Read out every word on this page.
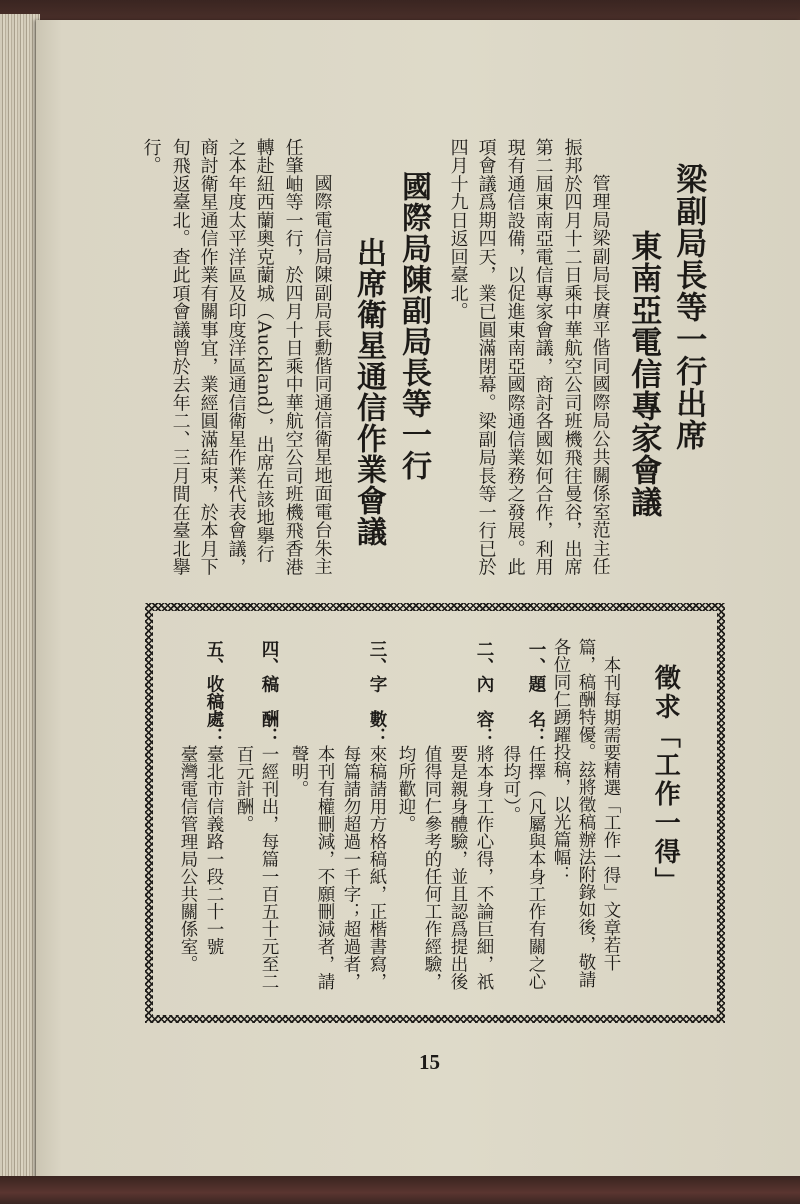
梁副局長等一行出席
東南亞電信專家會議
管理局梁副局長賡平偕同國際局公共關係室范主任
振邦於四月十二日乘中華航空公司班機飛往曼谷，出席
第二屆東南亞電信專家會議，商討各國如何合作，利用
現有通信設備，以促進東南亞國際通信業務之發展。此
項會議爲期四天，業已圓滿閉幕。梁副局長等一行已於
四月十九日返回臺北。
國際局陳副局長等一行
出席衛星通信作業會議
國際電信局陳副局長勳偕同通信衛星地面電台朱主
任肇岫等一行，於四月十日乘中華航空公司班機飛香港
轉赴紐西蘭奧克蘭城（Auckland），出席在該地擧行
之本年度太平洋區及印度洋區通信衛星作業代表會議，
商討衛星通信作業有關事宜，業經圓滿結束，於本月下
旬飛返臺北。查此項會議曾於去年二、三月間在臺北擧
行。
徵求「工作一得」
本刊每期需要精選「工作一得」文章若干
篇，稿酬特優。玆將徵稿辦法附錄如後，敬請
各位同仁踴躍投稿，以光篇幅：
一、題　名：任擇（凡屬與本身工作有關之心
得均可）。
二、內　容：將本身工作心得，不論巨細，祇
要是親身體驗，並且認爲提出後
值得同仁參考的任何工作經驗，
均所歡迎。
三、字　數：來稿請用方格稿紙，正楷書寫，
每篇請勿超過一千字；超過者，
本刊有權刪減，不願刪減者，請
聲明。
四、稿　酬：一經刊出，每篇一百五十元至二
百元計酬。
五、收稿處：臺北市信義路一段二十一號
臺灣電信管理局公共關係室。
15
